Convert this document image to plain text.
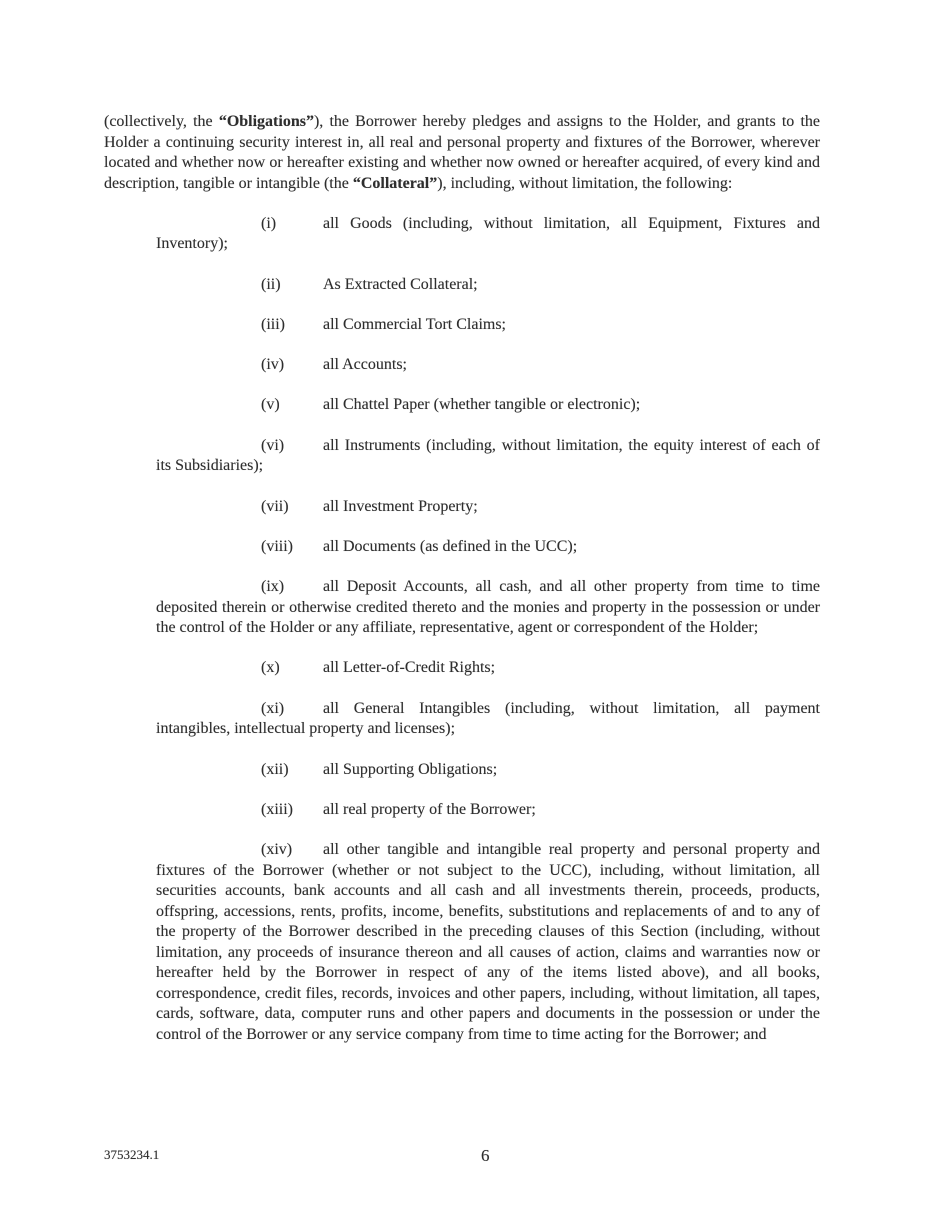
(collectively, the “Obligations”), the Borrower hereby pledges and assigns to the Holder, and grants to the Holder a continuing security interest in, all real and personal property and fixtures of the Borrower, wherever located and whether now or hereafter existing and whether now owned or hereafter acquired, of every kind and description, tangible or intangible (the “Collateral”), including, without limitation, the following:

(i)	all Goods (including, without limitation, all Equipment, Fixtures and Inventory);

(ii)	As Extracted Collateral;

(iii) all Commercial Tort Claims;

(iv) all Accounts;

(v)	all Chattel Paper (whether tangible or electronic);

(vi) all Instruments (including, without limitation, the equity interest of each of its Subsidiaries);

(vii) all Investment Property;

(viii) all Documents (as defined in the UCC);

(ix) all Deposit Accounts, all cash, and all other property from time to time deposited therein or otherwise credited thereto and the monies and property in the possession or under the control of the Holder or any affiliate, representative, agent or correspondent of the Holder;

(x)	all Letter-of-Credit Rights;

(xi) all General Intangibles (including, without limitation, all payment intangibles, intellectual property and licenses);

(xii) all Supporting Obligations;

(xiii) all real property of the Borrower;

(xiv) all other tangible and intangible real property and personal property and fixtures of the Borrower (whether or not subject to the UCC), including, without limitation, all securities accounts, bank accounts and all cash and all investments therein, proceeds, products, offspring, accessions, rents, profits, income, benefits, substitutions and replacements of and to any of the property of the Borrower described in the preceding clauses of this Section (including, without limitation, any proceeds of insurance thereon and all causes of action, claims and warranties now or hereafter held by the Borrower in respect of any of the items listed above), and all books, correspondence, credit files, records, invoices and other papers, including, without limitation, all tapes, cards, software, data, computer runs and other papers and documents in the possession or under the control of the Borrower or any service company from time to time acting for the Borrower; and

3753234.1	6
